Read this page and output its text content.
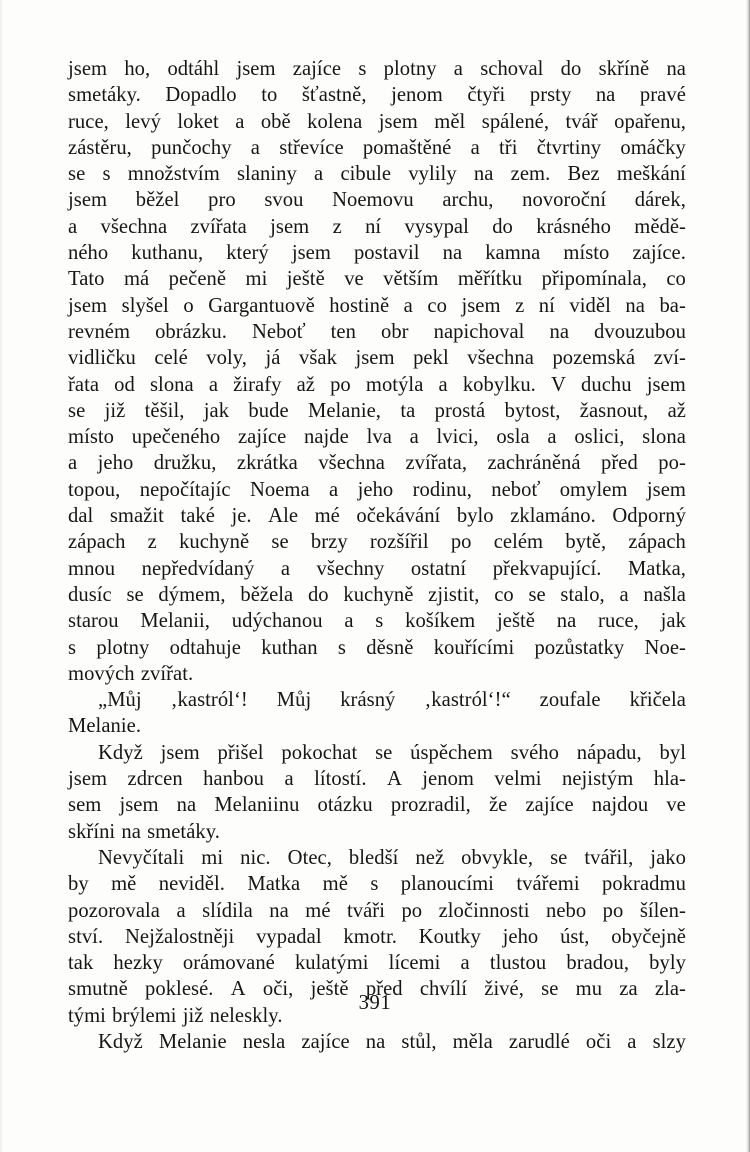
jsem ho, odtáhl jsem zajíce s plotny a schoval do skříně na
smetáky. Dopadlo to šťastně, jenom čtyři prsty na pravé
ruce, levý loket a obě kolena jsem měl spálené, tvář opařenu,
zástěru, punčochy a střevíce pomaštěné a tři čtvrtiny omáčky
se s množstvím slaniny a cibule vylily na zem. Bez meškání
jsem běžel pro svou Noemovu archu, novoroční dárek,
a všechna zvířata jsem z ní vysypal do krásného mědě-
ného kuthanu, který jsem postavil na kamna místo zajíce.
Tato má pečeně mi ještě ve větším měřítku připomínala, co
jsem slyšel o Gargantuově hostině a co jsem z ní viděl na ba-
revném obrázku. Neboť ten obr napichoval na dvouzubou
vidličku celé voly, já však jsem pekl všechna pozemská zví-
řata od slona a žirafy až po motýla a kobylku. V duchu jsem
se již těšil, jak bude Melanie, ta prostá bytost, žasnout, až
místo upečeného zajíce najde lva a lvici, osla a oslici, slona
a jeho družku, zkrátka všechna zvířata, zachráněná před po-
topou, nepočítajíc Noema a jeho rodinu, neboť omylem jsem
dal smažit také je. Ale mé očekávání bylo zklamáno. Odporný
zápach z kuchyně se brzy rozšířil po celém bytě, zápach
mnou nepředvídaný a všechny ostatní překvapující. Matka,
dusíc se dýmem, běžela do kuchyně zjistit, co se stalo, a našla
starou Melanii, udýchanou a s košíkem ještě na ruce, jak
s plotny odtahuje kuthan s děsně kouřícími pozůstatky Noe-
mových zvířat.
„Můj ‚kastról‘! Můj krásný ‚kastról‘!“ zoufale křičela
Melanie.
Když jsem přišel pokochat se úspěchem svého nápadu, byl
jsem zdrcen hanbou a lítostí. A jenom velmi nejistým hla-
sem jsem na Melaniinu otázku prozradil, že zajíce najdou ve
skříni na smetáky.
Nevyčítali mi nic. Otec, bledší než obvykle, se tvářil, jako
by mě neviděl. Matka mě s planoucími tvářemi pokradmu
pozorovala a slídila na mé tváři po zločinnosti nebo po šílen-
ství. Nejžalostněji vypadal kmotr. Koutky jeho úst, obyčejně
tak hezky orámované kulatými lícemi a tlustou bradou, byly
smutně poklesé. A oči, ještě před chvílí živé, se mu za zla-
tými brýlemi již neleskly.
Když Melanie nesla zajíce na stůl, měla zarudlé oči a slzy
391
